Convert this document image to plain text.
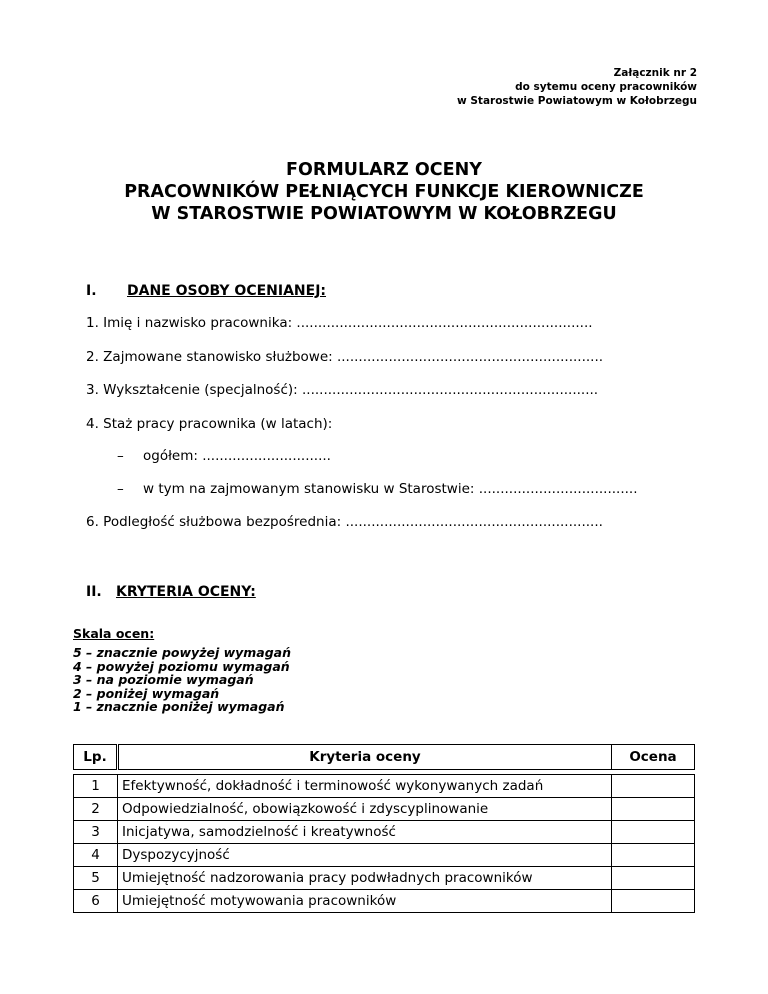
Załącznik nr 2
do sytemu oceny pracowników
w Starostwie Powiatowym w Kołobrzegu
FORMULARZ OCENY
PRACOWNIKÓW PEŁNIĄCYCH FUNKCJE KIEROWNICZE
W STAROSTWIE POWIATOWYM W KOŁOBRZEGU
I. DANE OSOBY OCENIANEJ:
1. Imię i nazwisko pracownika: .....................................................................
2. Zajmowane stanowisko służbowe: ..............................................................
3. Wykształcenie (specjalność): .....................................................................
4. Staż pracy pracownika (w latach):
– ogółem: ..............................
– w tym na zajmowanym stanowisku w Starostwie: .....................................
6. Podległość służbowa bezpośrednia: ............................................................
II. KRYTERIA OCENY:
Skala ocen:
5 – znacznie powyżej wymagań
4 – powyżej poziomu wymagań
3 – na poziomie wymagań
2 – poniżej wymagań
1 – znacznie poniżej wymagań
Lp.	Kryteria oceny	Ocena

1	Efektywność, dokładność i terminowość wykonywanych zadań	
2	Odpowiedzialność, obowiązkowość i zdyscyplinowanie	
3	Inicjatywa, samodzielność i kreatywność	
4	Dyspozycyjność	
5	Umiejętność nadzorowania pracy podwładnych pracowników	
6	Umiejętność motywowania pracowników	
